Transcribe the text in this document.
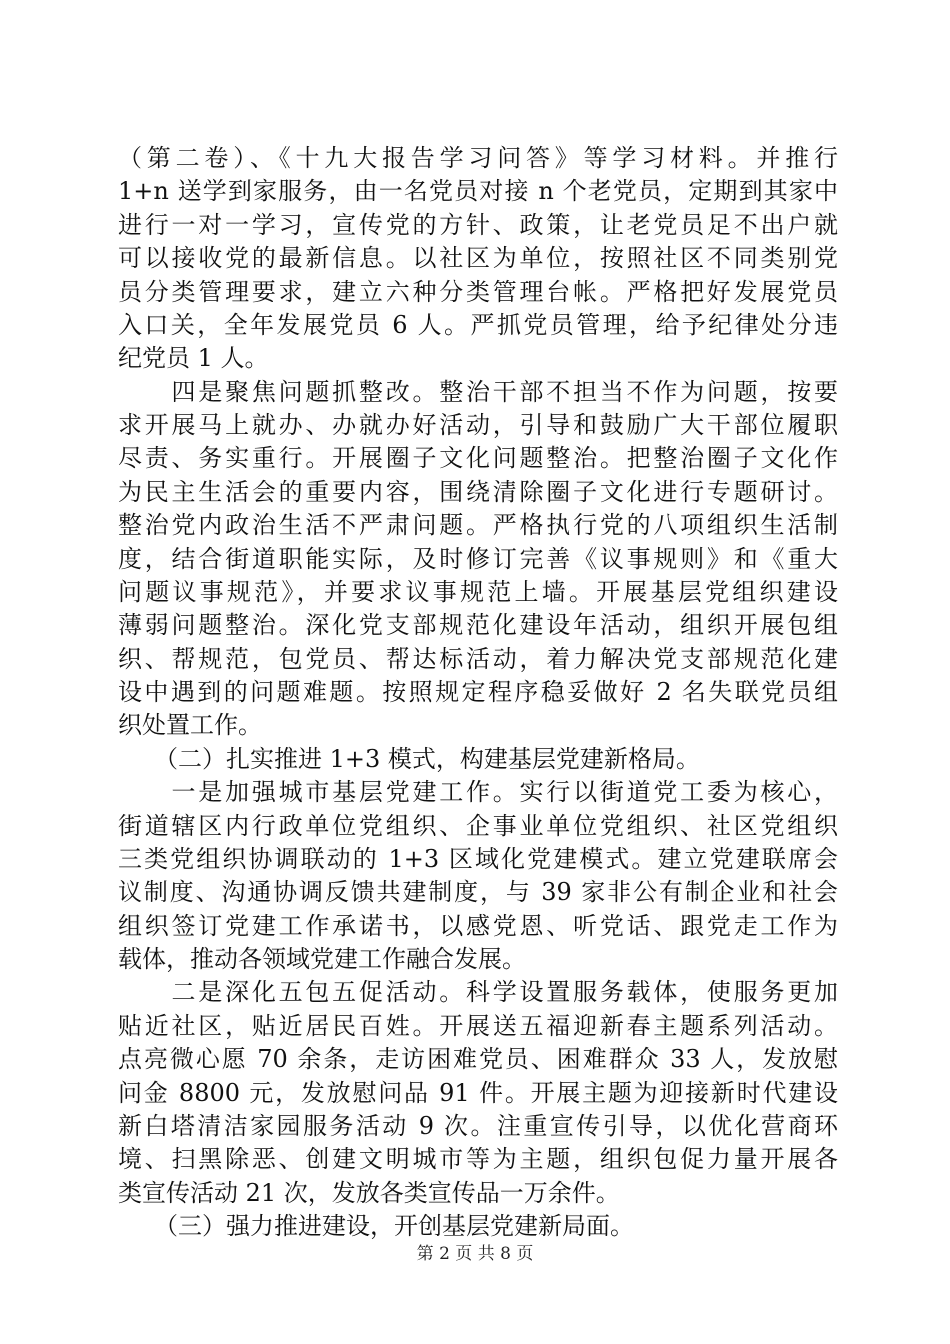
（第二卷）、《十九大报告学习问答》等学习材料。并推行
1+n 送学到家服务，由一名党员对接 n 个老党员，定期到其家中
进行一对一学习，宣传党的方针、政策，让老党员足不出户就
可以接收党的最新信息。以社区为单位，按照社区不同类别党
员分类管理要求，建立六种分类管理台帐。严格把好发展党员
入口关，全年发展党员 6 人。严抓党员管理，给予纪律处分违
纪党员 1 人。
　　四是聚焦问题抓整改。整治干部不担当不作为问题，按要
求开展马上就办、办就办好活动，引导和鼓励广大干部位履职
尽责、务实重行。开展圈子文化问题整治。把整治圈子文化作
为民主生活会的重要内容，围绕清除圈子文化进行专题研讨。
整治党内政治生活不严肃问题。严格执行党的八项组织生活制
度，结合街道职能实际，及时修订完善《议事规则》和《重大
问题议事规范》，并要求议事规范上墙。开展基层党组织建设
薄弱问题整治。深化党支部规范化建设年活动，组织开展包组
织、帮规范，包党员、帮达标活动，着力解决党支部规范化建
设中遇到的问题难题。按照规定程序稳妥做好 2 名失联党员组
织处置工作。
　　（二）扎实推进 1+3 模式，构建基层党建新格局。
　　一是加强城市基层党建工作。实行以街道党工委为核心，
街道辖区内行政单位党组织、企事业单位党组织、社区党组织
三类党组织协调联动的 1+3 区域化党建模式。建立党建联席会
议制度、沟通协调反馈共建制度，与 39 家非公有制企业和社会
组织签订党建工作承诺书，以感党恩、听党话、跟党走工作为
载体，推动各领域党建工作融合发展。
　　二是深化五包五促活动。科学设置服务载体，使服务更加
贴近社区，贴近居民百姓。开展送五福迎新春主题系列活动。
点亮微心愿 70 余条，走访困难党员、困难群众 33 人，发放慰
问金 8800 元，发放慰问品 91 件。开展主题为迎接新时代建设
新白塔清洁家园服务活动 9 次。注重宣传引导，以优化营商环
境、扫黑除恶、创建文明城市等为主题，组织包促力量开展各
类宣传活动 21 次，发放各类宣传品一万余件。
　　（三）强力推进建设，开创基层党建新局面。
第 2 页 共 8 页
